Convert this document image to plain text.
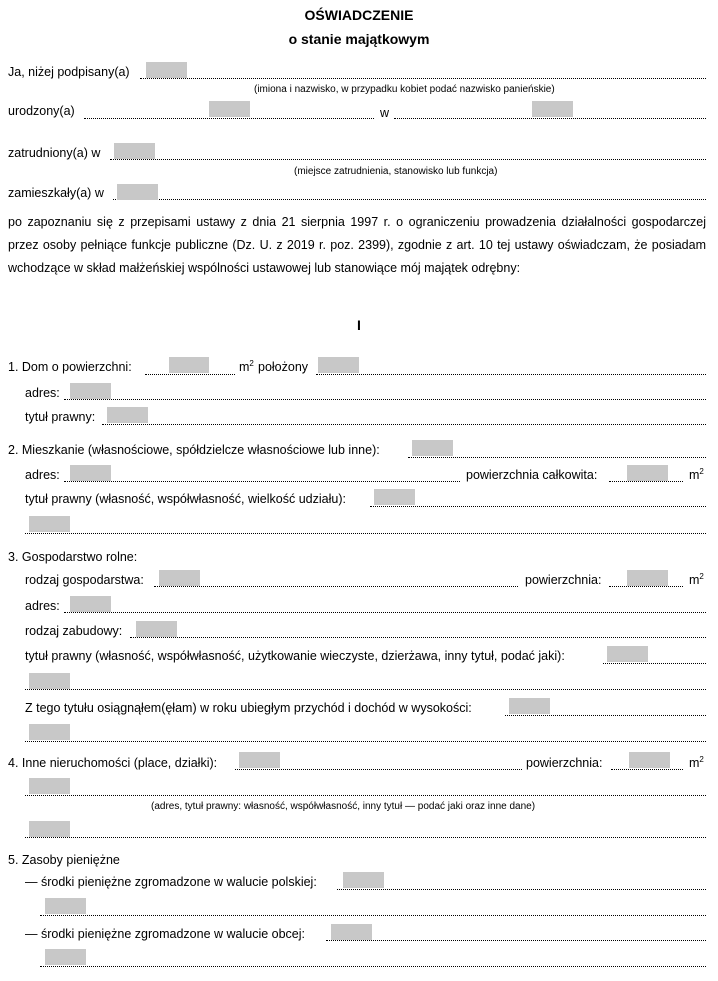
OŚWIADCZENIE
o stanie majątkowym
Ja, niżej podpisany(a)
(imiona i nazwisko, w przypadku kobiet podać nazwisko panieńskie)
urodzony(a)	w
zatrudniony(a) w
(miejsce zatrudnienia, stanowisko lub funkcja)
zamieszkały(a) w
po zapoznaniu się z przepisami ustawy z dnia 21 sierpnia 1997 r. o ograniczeniu prowadzenia działalności gospodarczej przez osoby pełniące funkcje publiczne (Dz. U. z 2019 r. poz. 2399), zgodnie z art. 10 tej ustawy oświadczam, że posiadam wchodzące w skład małżeńskiej wspólności ustawowej lub stanowiące mój majątek odrębny:
I
1. Dom o powierzchni:	$m^2$ położony
adres:
tytuł prawny:
2. Mieszkanie (własnościowe, spółdzielcze własnościowe lub inne):
adres:	powierzchnia całkowita:	$m^2$
tytuł prawny (własność, współwłasność, wielkość udziału):
3. Gospodarstwo rolne:
rodzaj gospodarstwa:	powierzchnia:	$m^2$
adres:
rodzaj zabudowy:
tytuł prawny (własność, współwłasność, użytkowanie wieczyste, dzierżawa, inny tytuł, podać jaki):
Z tego tytułu osiągnąłem(ęłam) w roku ubiegłym przychód i dochód w wysokości:
4. Inne nieruchomości (place, działki):	powierzchnia:	$m^2$
(adres, tytuł prawny: własność, współwłasność, inny tytuł — podać jaki oraz inne dane)
5. Zasoby pieniężne
— środki pieniężne zgromadzone w walucie polskiej:
— środki pieniężne zgromadzone w walucie obcej:
